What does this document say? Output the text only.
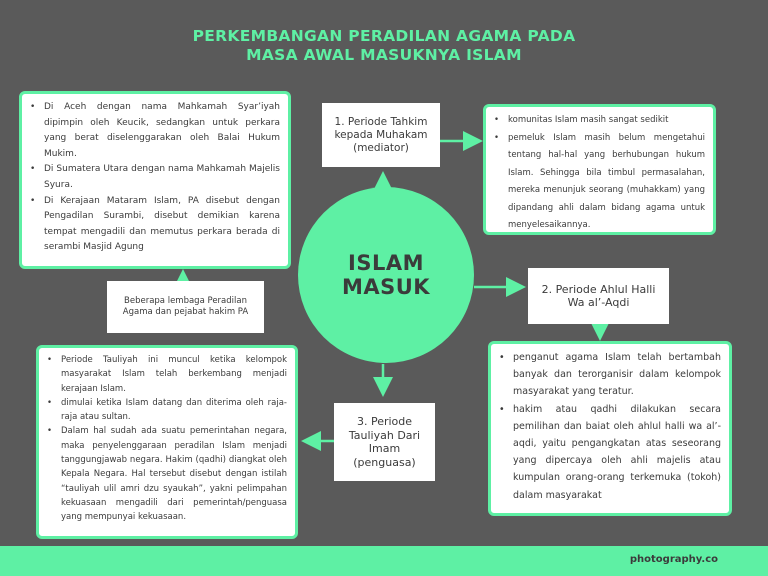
PERKEMBANGAN PERADILAN AGAMA PADA
MASA AWAL MASUKNYA ISLAM
• Di Aceh dengan nama Mahkamah Syar’iyah dipimpin oleh Keucik, sedangkan untuk perkara yang berat diselenggarakan oleh Balai Hukum Mukim.
• Di Sumatera Utara dengan nama Mahkamah Majelis Syura.
• Di Kerajaan Mataram Islam, PA disebut dengan Pengadilan Surambi, disebut demikian karena tempat mengadili dan memutus perkara berada di serambi Masjid Agung
1. Periode Tahkim kepada Muhakam (mediator)
• komunitas Islam masih sangat sedikit
• pemeluk Islam masih belum mengetahui tentang hal-hal yang berhubungan hukum Islam. Sehingga bila timbul permasalahan, mereka menunjuk seorang (muhakkam) yang dipandang ahli dalam bidang agama untuk menyelesaikannya.
ISLAM
MASUK	2. Periode Ahlul Halli Wa al’-Aqdi
Beberapa lembaga Peradilan Agama dan pejabat hakim PA
• penganut agama Islam telah bertambah banyak dan terorganisir dalam kelompok masyarakat yang teratur.
• hakim atau qadhi dilakukan secara pemilihan dan baiat oleh ahlul halli wa al’-aqdi, yaitu pengangkatan atas seseorang yang dipercaya oleh ahli majelis atau kumpulan orang-orang terkemuka (tokoh) dalam masyarakat
• Periode Tauliyah ini muncul ketika kelompok masyarakat Islam telah berkembang menjadi kerajaan Islam.
• dimulai ketika Islam datang dan diterima oleh raja-raja atau sultan.
• Dalam hal sudah ada suatu pemerintahan negara, maka penyelenggaraan peradilan Islam menjadi tanggungjawab negara. Hakim (qadhi) diangkat oleh Kepala Negara. Hal tersebut disebut dengan istilah “tauliyah ulil amri dzu syaukah”, yakni pelimpahan kekuasaan mengadili dari pemerintah/penguasa yang mempunyai kekuasaan.
3. Periode Tauliyah Dari Imam (penguasa)
photography.co
